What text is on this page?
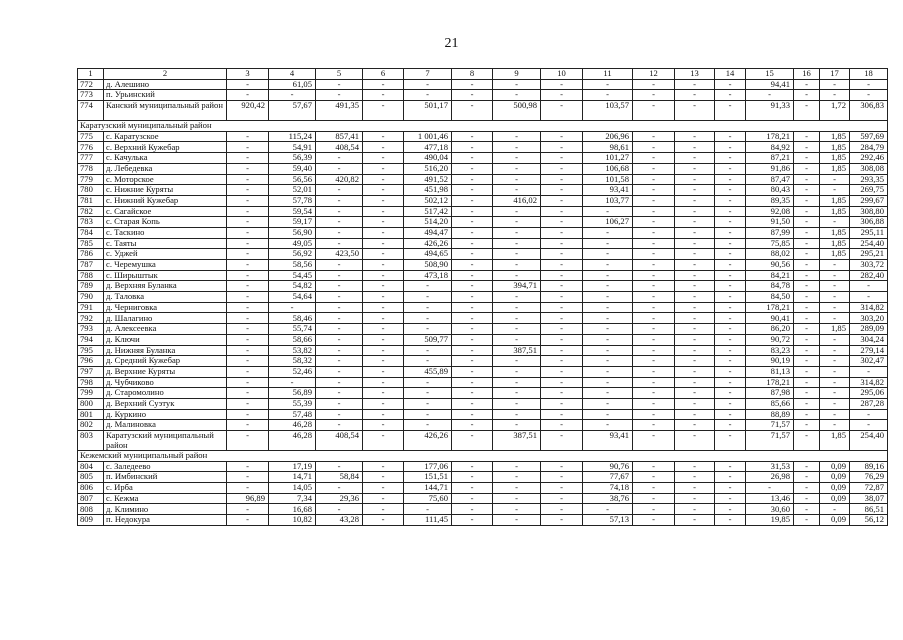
21
1	2	3	4	5	6	7	8	9	10	11	12	13	14	15	16	17	18
772	д. Алешино	-	61,05	-	-	-	-	-	-	-	-	-	-	94,41	-	-	-
773	п. Урьинский	-	-	-	-	-	-	-	-	-	-	-	-	-	-	-	-
774	Канский муниципальный район	920,42	57,67	491,35	-	501,17	-	500,98	-	103,57	-	-	-	91,33	-	1,72	306,83
Каратузский муниципальный район																	
775	с. Каратузское	-	115,24	857,41	-	1 001,46	-	-	-	206,96	-	-	-	178,21	-	1,85	597,69
776	с. Верхний Кужебар	-	54,91	408,54	-	477,18	-	-	-	98,61	-	-	-	84,92	-	1,85	284,79
777	с. Качулька	-	56,39	-	-	490,04	-	-	-	101,27	-	-	-	87,21	-	1,85	292,46
778	д. Лебедевка	-	59,40	-	-	516,20	-	-	-	106,68	-	-	-	91,86	-	1,85	308,08
779	с. Моторское	-	56,56	420,82	-	491,52	-	-	-	101,58	-	-	-	87,47	-	-	293,35
780	с. Нижние Куряты	-	52,01	-	-	451,98	-	-	-	93,41	-	-	-	80,43	-	-	269,75
781	с. Нижний Кужебар	-	57,78	-	-	502,12	-	416,02	-	103,77	-	-	-	89,35	-	1,85	299,67
782	с. Сагайское	-	59,54	-	-	517,42	-	-	-	-	-	-	-	92,08	-	1,85	308,80
783	с. Старая Копь	-	59,17	-	-	514,20	-	-	-	106,27	-	-	-	91,50	-	-	306,88
784	с. Таскино	-	56,90	-	-	494,47	-	-	-	-	-	-	-	87,99	-	1,85	295,11
785	с. Таяты	-	49,05	-	-	426,26	-	-	-	-	-	-	-	75,85	-	1,85	254,40
786	с. Уджей	-	56,92	423,50	-	494,65	-	-	-	-	-	-	-	88,02	-	1,85	295,21
787	с. Черемушка	-	58,56	-	-	508,90	-	-	-	-	-	-	-	90,56	-	-	303,72
788	с. Ширыштык	-	54,45	-	-	473,18	-	-	-	-	-	-	-	84,21	-	-	282,40
789	д. Верхняя Буланка	-	54,82	-	-	-	-	394,71	-	-	-	-	-	84,78	-	-	-
790	д. Таловка	-	54,64	-	-	-	-	-	-	-	-	-	-	84,50	-	-	-
791	д. Черниговка	-	-	-	-	-	-	-	-	-	-	-	-	178,21	-	-	314,82
792	д. Шалагино	-	58,46	-	-	-	-	-	-	-	-	-	-	90,41	-	-	303,20
793	д. Алексеевка	-	55,74	-	-	-	-	-	-	-	-	-	-	86,20	-	1,85	289,09
794	д. Ключи	-	58,66	-	-	509,77	-	-	-	-	-	-	-	90,72	-	-	304,24
795	д. Нижняя Буланка	-	53,82	-	-	-	-	387,51	-	-	-	-	-	83,23	-	-	279,14
796	д. Средний Кужебар	-	58,32	-	-	-	-	-	-	-	-	-	-	90,19	-	-	302,47
797	д. Верхние Куряты	-	52,46	-	-	455,89	-	-	-	-	-	-	-	81,13	-	-	-
798	д. Чубчиково	-	-	-	-	-	-	-	-	-	-	-	-	178,21	-	-	314,82
799	д. Старомолино	-	56,89	-	-	-	-	-	-	-	-	-	-	87,98	-	-	295,06
800	д. Верхний Суэтук	-	55,39	-	-	-	-	-	-	-	-	-	-	85,66	-	-	287,28
801	д. Куркино	-	57,48	-	-	-	-	-	-	-	-	-	-	88,89	-	-	-
802	д. Малиновка	-	46,28	-	-	-	-	-	-	-	-	-	-	71,57	-	-	-
803	Каратузский муниципальный район	-	46,28	408,54	-	426,26	-	387,51	-	93,41	-	-	-	71,57	-	1,85	254,40
Кежемский муниципальный район																	
804	с. Заледеево	-	17,19	-	-	177,06	-	-	-	90,76	-	-	-	31,53	-	0,09	89,16
805	п. Имбинский	-	14,71	58,84	-	151,51	-	-	-	77,67	-	-	-	26,98	-	0,09	76,29
806	с. Ирба	-	14,05	-	-	144,71	-	-	-	74,18	-	-	-	-	-	0,09	72,87
807	с. Кежма	96,89	7,34	29,36	-	75,60	-	-	-	38,76	-	-	-	13,46	-	0,09	38,07
808	д. Климино	-	16,68	-	-	-	-	-	-	-	-	-	-	30,60	-	-	86,51
809	п. Недокура	-	10,82	43,28	-	111,45	-	-	-	57,13	-	-	-	19,85	-	0,09	56,12
